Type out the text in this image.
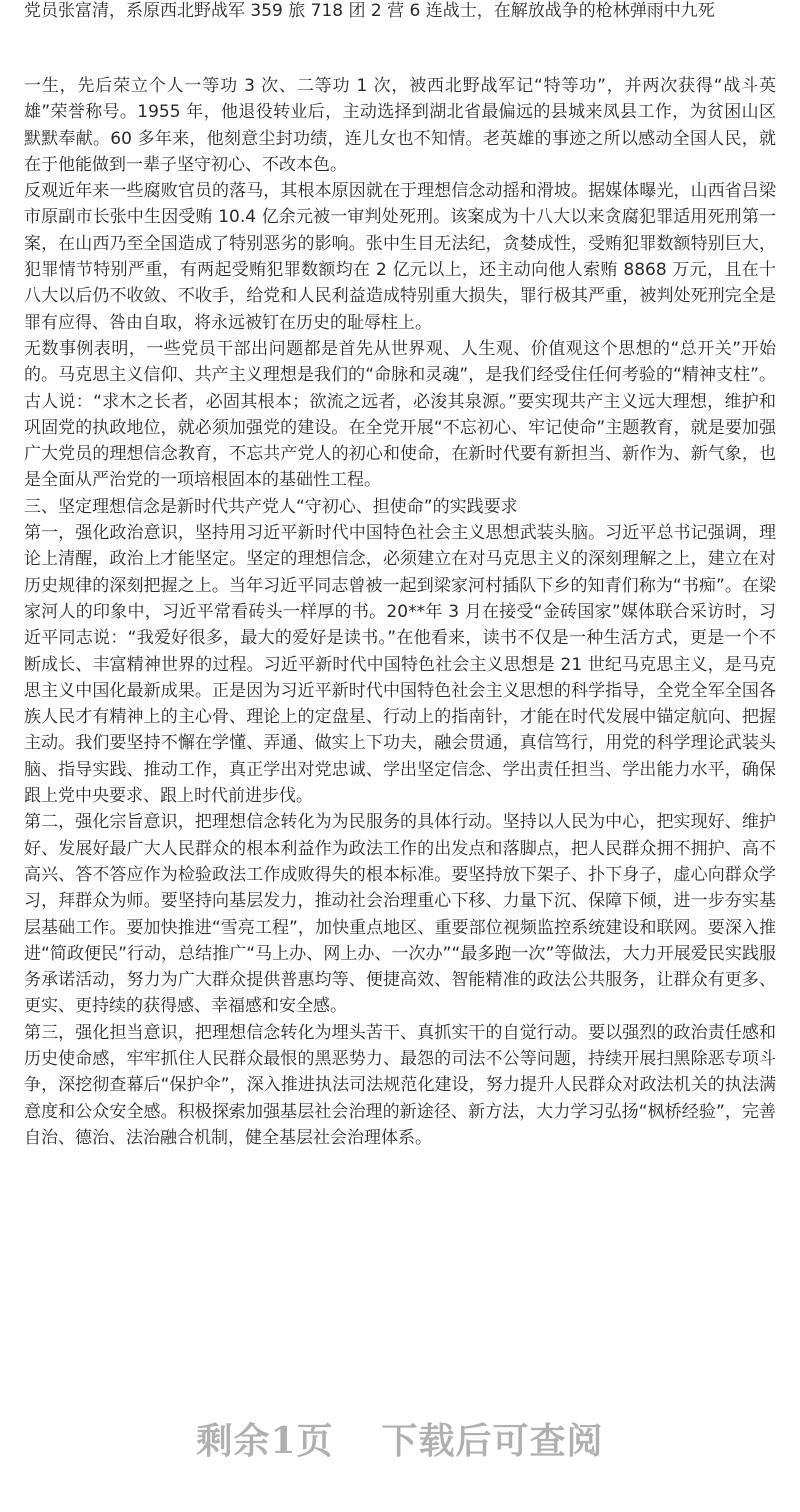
党员张富清，系原西北野战军 359 旅 718 团 2 营 6 连战士，在解放战争的枪林弹雨中九死

一生，先后荣立个人一等功 3 次、二等功 1 次，被西北野战军记“特等功”，并两次获得“战斗英雄”荣誉称号。1955 年，他退役转业后，主动选择到湖北省最偏远的县城来凤县工作，为贫困山区默默奉献。60 多年来，他刻意尘封功绩，连儿女也不知情。老英雄的事迹之所以感动全国人民，就在于他能做到一辈子坚守初心、不改本色。

反观近年来一些腐败官员的落马，其根本原因就在于理想信念动摇和滑坡。据媒体曝光，山西省吕梁市原副市长张中生因受贿 10.4 亿余元被一审判处死刑。该案成为十八大以来贪腐犯罪适用死刑第一案，在山西乃至全国造成了特别恶劣的影响。张中生目无法纪，贪婪成性，受贿犯罪数额特别巨大，犯罪情节特别严重，有两起受贿犯罪数额均在 2 亿元以上，还主动向他人索贿 8868 万元，且在十八大以后仍不收敛、不收手，给党和人民利益造成特别重大损失，罪行极其严重，被判处死刑完全是罪有应得、咎由自取，将永远被钉在历史的耻辱柱上。

无数事例表明，一些党员干部出问题都是首先从世界观、人生观、价值观这个思想的“总开关”开始的。马克思主义信仰、共产主义理想是我们的“命脉和灵魂”，是我们经受住任何考验的“精神支柱”。古人说：“求木之长者，必固其根本；欲流之远者，必浚其泉源。”要实现共产主义远大理想，维护和巩固党的执政地位，就必须加强党的建设。在全党开展“不忘初心、牢记使命”主题教育，就是要加强广大党员的理想信念教育，不忘共产党人的初心和使命，在新时代要有新担当、新作为、新气象，也是全面从严治党的一项培根固本的基础性工程。

三、坚定理想信念是新时代共产党人“守初心、担使命”的实践要求

第一，强化政治意识，坚持用习近平新时代中国特色社会主义思想武装头脑。习近平总书记强调，理论上清醒，政治上才能坚定。坚定的理想信念，必须建立在对马克思主义的深刻理解之上，建立在对历史规律的深刻把握之上。当年习近平同志曾被一起到梁家河村插队下乡的知青们称为“书痴”。在梁家河人的印象中，习近平常看砖头一样厚的书。20**年 3 月在接受“金砖国家”媒体联合采访时，习近平同志说：“我爱好很多，最大的爱好是读书。”在他看来，读书不仅是一种生活方式，更是一个不断成长、丰富精神世界的过程。习近平新时代中国特色社会主义思想是 21 世纪马克思主义，是马克思主义中国化最新成果。正是因为习近平新时代中国特色社会主义思想的科学指导，全党全军全国各族人民才有精神上的主心骨、理论上的定盘星、行动上的指南针，才能在时代发展中锚定航向、把握主动。我们要坚持不懈在学懂、弄通、做实上下功夫，融会贯通，真信笃行，用党的科学理论武装头脑、指导实践、推动工作，真正学出对党忠诚、学出坚定信念、学出责任担当、学出能力水平，确保跟上党中央要求、跟上时代前进步伐。

第二，强化宗旨意识，把理想信念转化为为民服务的具体行动。坚持以人民为中心，把实现好、维护好、发展好最广大人民群众的根本利益作为政法工作的出发点和落脚点，把人民群众拥不拥护、高不高兴、答不答应作为检验政法工作成败得失的根本标准。要坚持放下架子、扑下身子，虚心向群众学习，拜群众为师。要坚持向基层发力，推动社会治理重心下移、力量下沉、保障下倾，进一步夯实基层基础工作。要加快推进“雪亮工程”，加快重点地区、重要部位视频监控系统建设和联网。要深入推进“简政便民”行动，总结推广“马上办、网上办、一次办”“最多跑一次”等做法，大力开展爱民实践服务承诺活动，努力为广大群众提供普惠均等、便捷高效、智能精准的政法公共服务，让群众有更多、更实、更持续的获得感、幸福感和安全感。

第三，强化担当意识，把理想信念转化为埋头苦干、真抓实干的自觉行动。要以强烈的政治责任感和历史使命感，牢牢抓住人民群众最恨的黑恶势力、最怨的司法不公等问题，持续开展扫黑除恶专项斗争，深挖彻查幕后“保护伞”，深入推进执法司法规范化建设，努力提升人民群众对政法机关的执法满意度和公众安全感。积极探索加强基层社会治理的新途径、新方法，大力学习弘扬“枫桥经验”，完善自治、德治、法治融合机制，健全基层社会治理体系。

剩余1页 下载后可查阅
